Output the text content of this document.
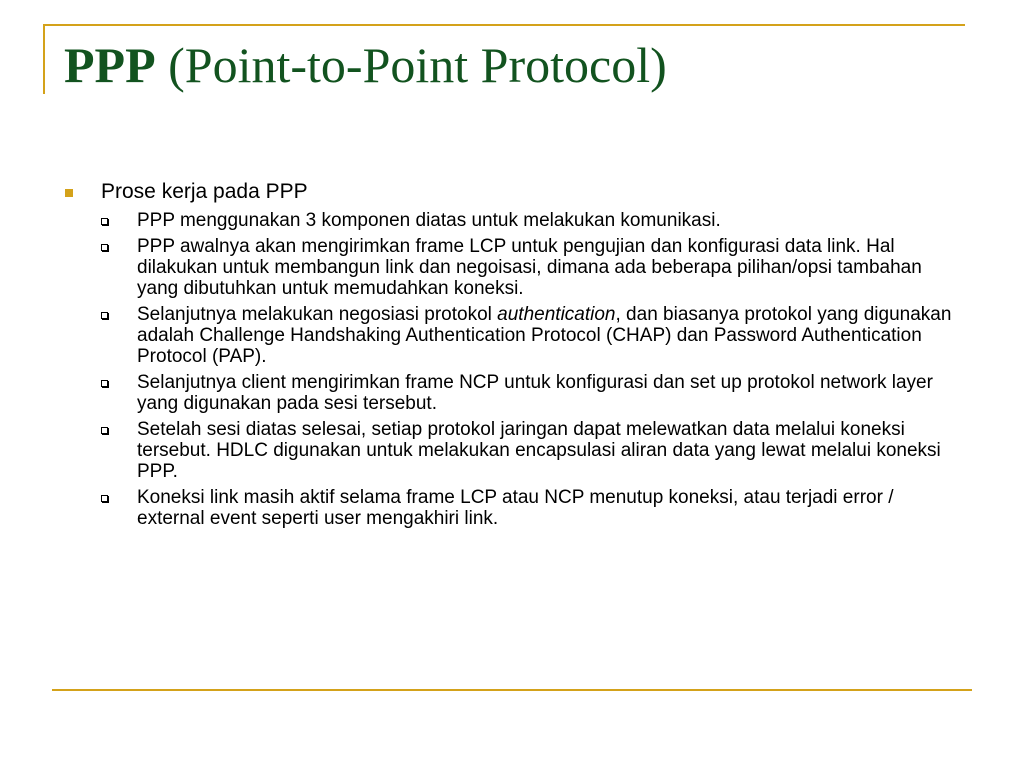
PPP (Point-to-Point Protocol)
Prose kerja pada PPP
PPP menggunakan 3 komponen diatas untuk melakukan komunikasi.
PPP awalnya akan mengirimkan frame LCP untuk pengujian dan konfigurasi data link. Hal dilakukan untuk membangun link dan negoisasi, dimana ada beberapa pilihan/opsi tambahan yang dibutuhkan untuk memudahkan koneksi.
Selanjutnya melakukan negosiasi protokol authentication, dan biasanya protokol yang digunakan adalah Challenge Handshaking Authentication Protocol (CHAP) dan Password Authentication Protocol (PAP).
Selanjutnya client mengirimkan frame NCP untuk konfigurasi dan set up protokol network layer yang digunakan pada sesi tersebut.
Setelah sesi diatas selesai, setiap protokol jaringan dapat melewatkan data melalui koneksi tersebut. HDLC digunakan untuk melakukan encapsulasi aliran data yang lewat melalui koneksi PPP.
Koneksi link masih aktif selama frame LCP atau NCP menutup koneksi, atau terjadi error / external event seperti user mengakhiri link.
